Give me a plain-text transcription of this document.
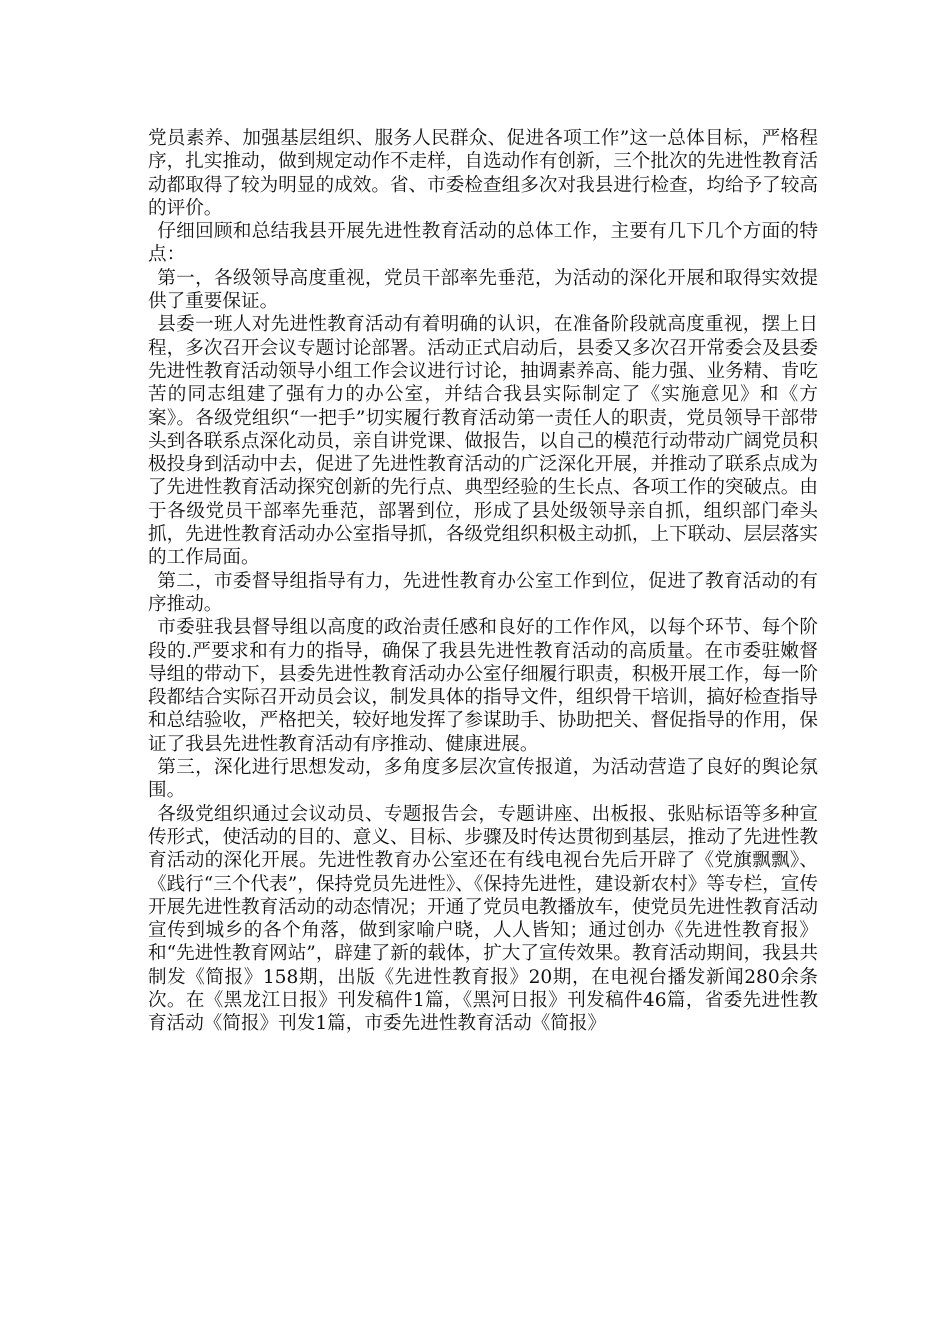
党员素养、加强基层组织、服务人民群众、促进各项工作”这一总体目标，严格程序，扎实推动，做到规定动作不走样，自选动作有创新，三个批次的先进性教育活动都取得了较为明显的成效。省、市委检查组多次对我县进行检查，均给予了较高的评价。

仔细回顾和总结我县开展先进性教育活动的总体工作，主要有几下几个方面的特点：

第一，各级领导高度重视，党员干部率先垂范，为活动的深化开展和取得实效提供了重要保证。

县委一班人对先进性教育活动有着明确的认识，在准备阶段就高度重视，摆上日程，多次召开会议专题讨论部署。活动正式启动后，县委又多次召开常委会及县委先进性教育活动领导小组工作会议进行讨论，抽调素养高、能力强、业务精、肯吃苦的同志组建了强有力的办公室，并结合我县实际制定了《实施意见》和《方案》。各级党组织“一把手”切实履行教育活动第一责任人的职责，党员领导干部带头到各联系点深化动员，亲自讲党课、做报告，以自己的模范行动带动广阔党员积极投身到活动中去，促进了先进性教育活动的广泛深化开展，并推动了联系点成为了先进性教育活动探究创新的先行点、典型经验的生长点、各项工作的突破点。由于各级党员干部率先垂范，部署到位，形成了县处级领导亲自抓，组织部门牵头抓，先进性教育活动办公室指导抓，各级党组织积极主动抓，上下联动、层层落实的工作局面。

第二，市委督导组指导有力，先进性教育办公室工作到位，促进了教育活动的有序推动。

市委驻我县督导组以高度的政治责任感和良好的工作作风，以每个环节、每个阶段的.严要求和有力的指导，确保了我县先进性教育活动的高质量。在市委驻嫩督导组的带动下，县委先进性教育活动办公室仔细履行职责，积极开展工作，每一阶段都结合实际召开动员会议，制发具体的指导文件，组织骨干培训，搞好检查指导和总结验收，严格把关，较好地发挥了参谋助手、协助把关、督促指导的作用，保证了我县先进性教育活动有序推动、健康进展。

第三，深化进行思想发动，多角度多层次宣传报道，为活动营造了良好的舆论氛围。

各级党组织通过会议动员、专题报告会，专题讲座、出板报、张贴标语等多种宣传形式，使活动的目的、意义、目标、步骤及时传达贯彻到基层，推动了先进性教育活动的深化开展。先进性教育办公室还在有线电视台先后开辟了《党旗飘飘》、《践行“三个代表”，保持党员先进性》、《保持先进性，建设新农村》等专栏，宣传开展先进性教育活动的动态情况；开通了党员电教播放车，使党员先进性教育活动宣传到城乡的各个角落，做到家喻户晓，人人皆知；通过创办《先进性教育报》和“先进性教育网站”，辟建了新的载体，扩大了宣传效果。教育活动期间，我县共制发《简报》158期，出版《先进性教育报》20期，在电视台播发新闻280余条次。在《黑龙江日报》刊发稿件1篇，《黑河日报》刊发稿件46篇，省委先进性教育活动《简报》刊发1篇，市委先进性教育活动《简报》
